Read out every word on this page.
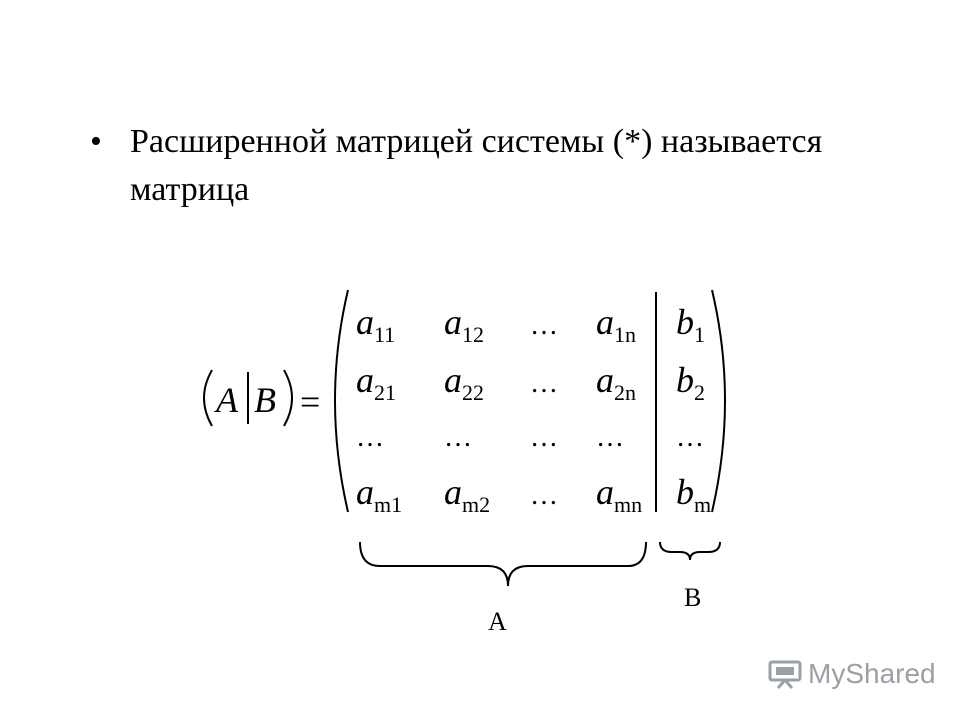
• Расширенной матрицей системы (*) называется
матрица
A B =
$a_{11}$ $a_{12}$ … $a_{1n}$ $b_1$
$a_{21}$ $a_{22}$ … $a_{2n}$ $b_2$
… … … … …
$a_{m1}$ $a_{m2}$ … $a_{mn}$ $b_m$
A
B
MyShared
